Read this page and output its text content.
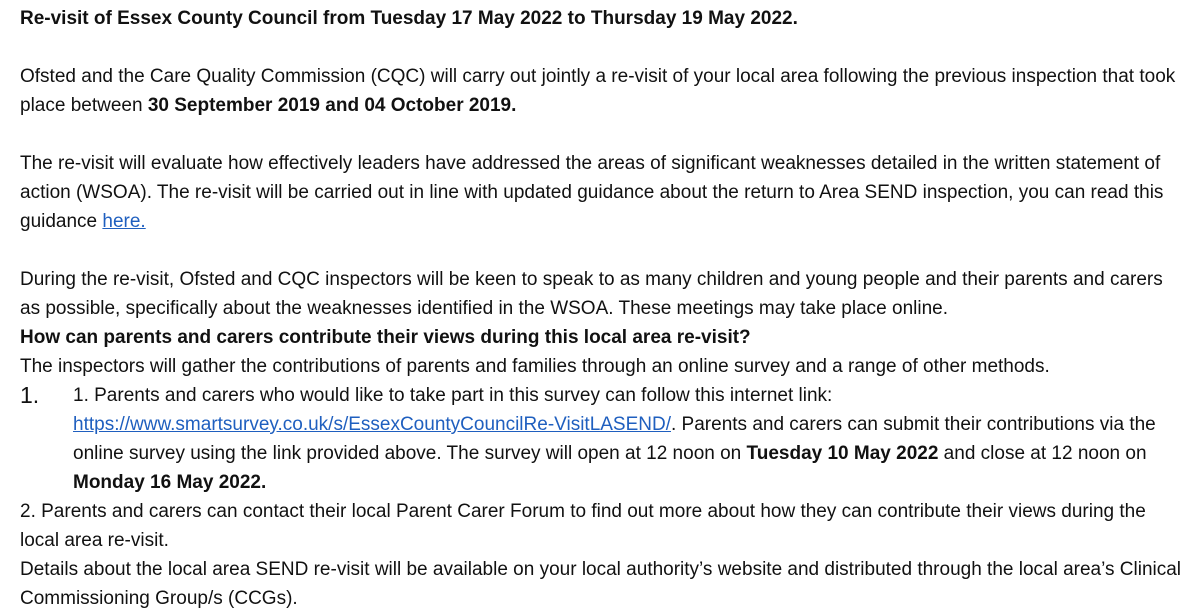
Re-visit of Essex County Council from Tuesday 17 May 2022 to Thursday 19 May 2022.

Ofsted and the Care Quality Commission (CQC) will carry out jointly a re-visit of your local area following the previous inspection that took place between 30 September 2019 and 04 October 2019.

The re-visit will evaluate how effectively leaders have addressed the areas of significant weaknesses detailed in the written statement of action (WSOA). The re-visit will be carried out in line with updated guidance about the return to Area SEND inspection, you can read this guidance here.

During the re-visit, Ofsted and CQC inspectors will be keen to speak to as many children and young people and their parents and carers as possible, specifically about the weaknesses identified in the WSOA. These meetings may take place online.

How can parents and carers contribute their views during this local area re-visit?

The inspectors will gather the contributions of parents and families through an online survey and a range of other methods.

1. 1. Parents and carers who would like to take part in this survey can follow this internet link:
https://www.smartsurvey.co.uk/s/EssexCountyCouncilRe-VisitLASEND/. Parents and carers can submit their contributions via the online survey using the link provided above. The survey will open at 12 noon on Tuesday 10 May 2022 and close at 12 noon on Monday 16 May 2022.

2. Parents and carers can contact their local Parent Carer Forum to find out more about how they can contribute their views during the local area re-visit.

Details about the local area SEND re-visit will be available on your local authority’s website and distributed through the local area’s Clinical Commissioning Group/s (CCGs).
